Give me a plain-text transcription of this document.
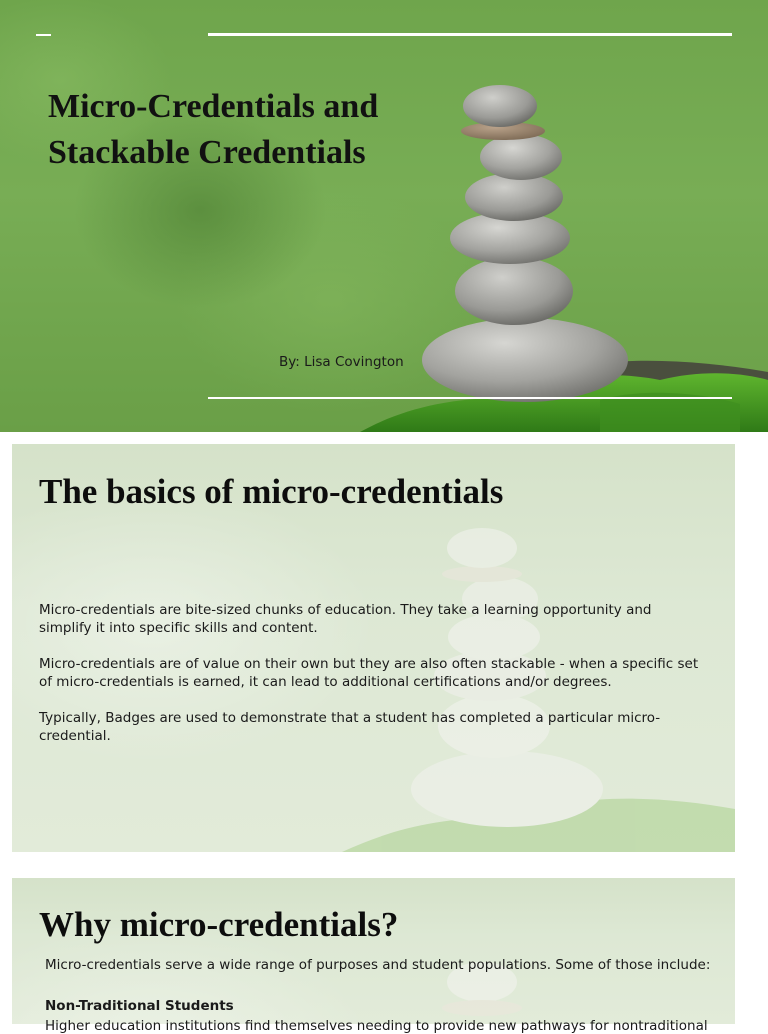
Micro-Credentials and Stackable Credentials

By: Lisa Covington

The basics of micro-credentials

Micro-credentials are bite-sized chunks of education. They take a learning opportunity and simplify it into specific skills and content.

Micro-credentials are of value on their own but they are also often stackable - when a specific set of micro-credentials is earned, it can lead to additional certifications and/or degrees.

Typically, Badges are used to demonstrate that a student has completed a particular micro-credential.

Why micro-credentials?

Micro-credentials serve a wide range of purposes and student populations. Some of those include:

Non-Traditional Students

Higher education institutions find themselves needing to provide new pathways for nontraditional
